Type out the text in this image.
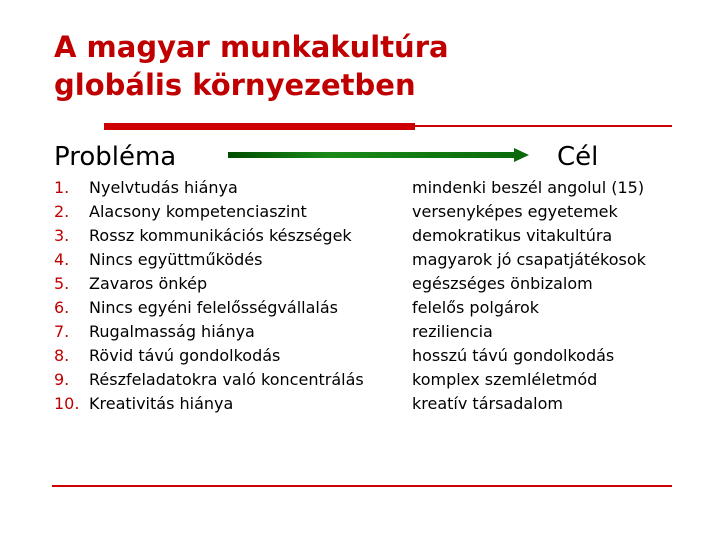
A magyar munkakultúra
globális környezetben
Probléma	Cél
1. Nyelvtudás hiánya	mindenki beszél angolul (15)
2. Alacsony kompetenciaszint	versenyképes egyetemek
3. Rossz kommunikációs készségek	demokratikus vitakultúra
4. Nincs együttműködés	magyarok jó csapatjátékosok
5. Zavaros önkép	egészséges önbizalom
6. Nincs egyéni felelősségvállalás	felelős polgárok
7. Rugalmasság hiánya	reziliencia
8. Rövid távú gondolkodás	hosszú távú gondolkodás
9. Részfeladatokra való koncentrálás	komplex szemléletmód
10. Kreativitás hiánya	kreatív társadalom
